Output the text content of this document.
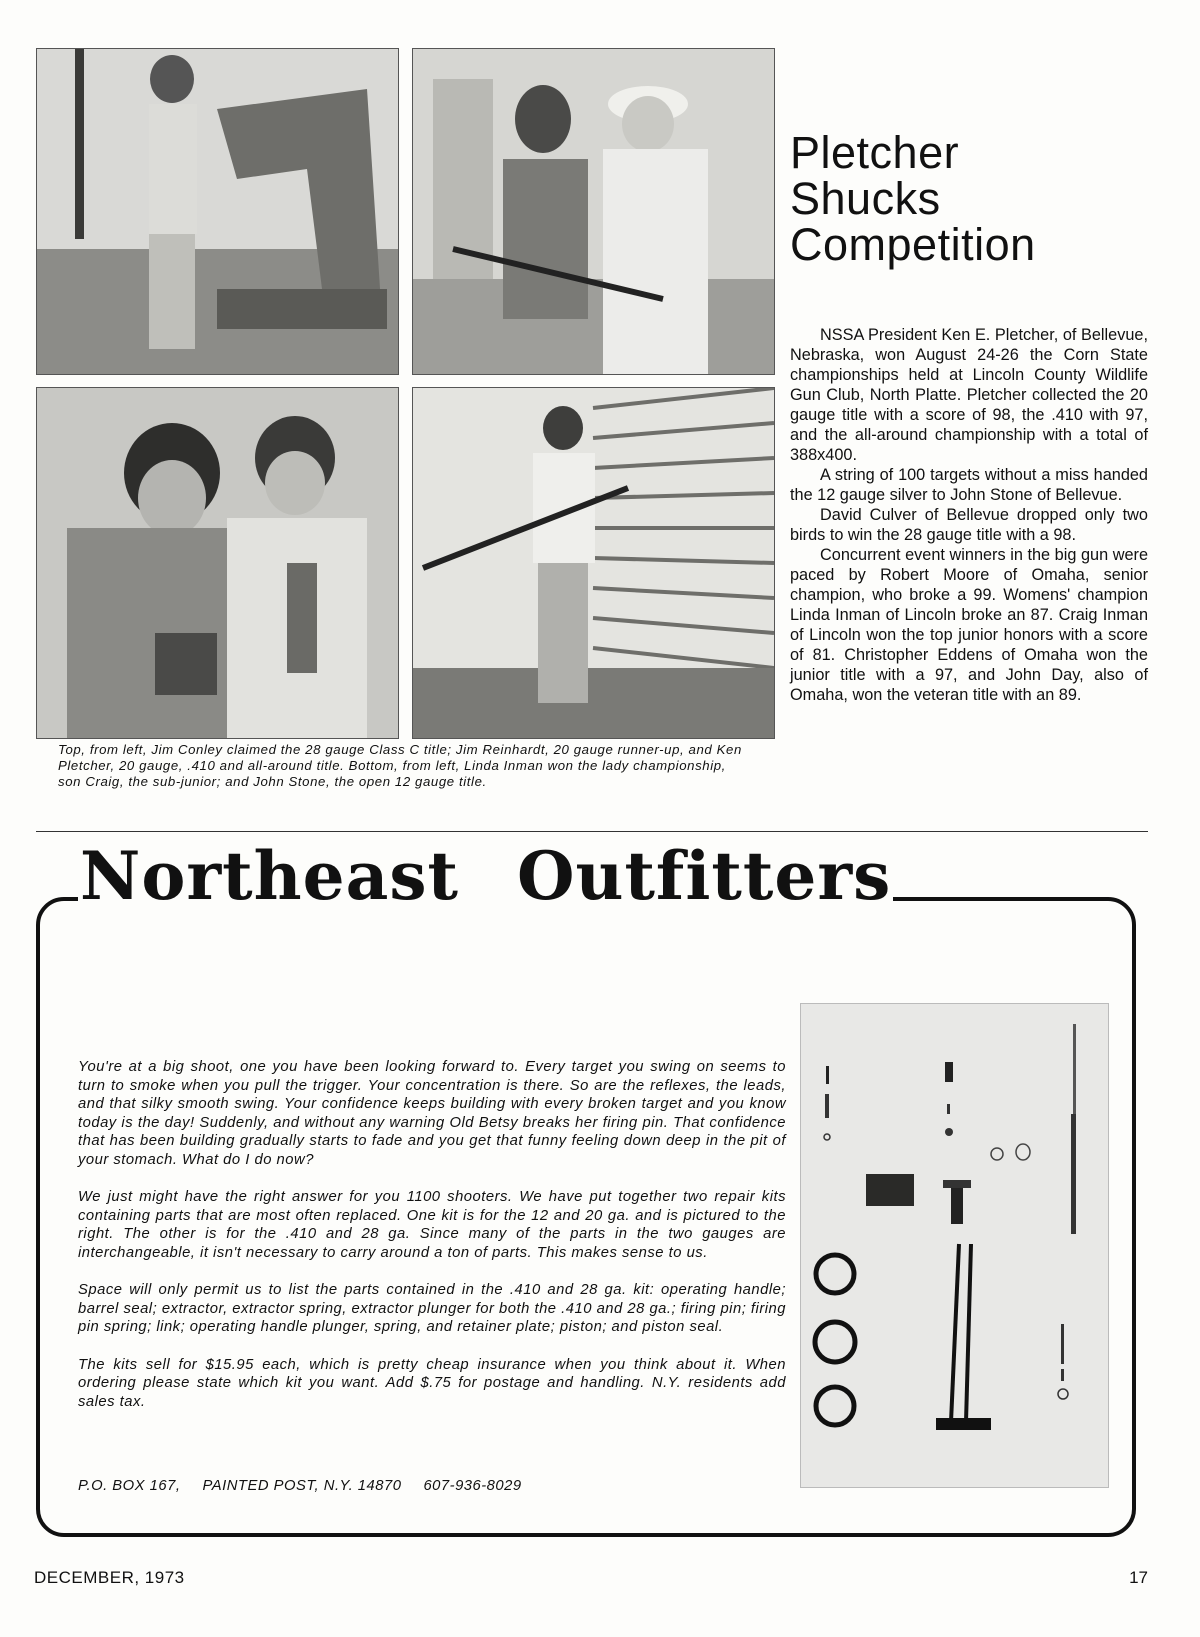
Top, from left, Jim Conley claimed the 28 gauge Class C title; Jim Reinhardt, 20 gauge runner-up, and Ken Pletcher, 20 gauge, .410 and all-around title. Bottom, from left, Linda Inman won the lady championship, son Craig, the sub-junior; and John Stone, the open 12 gauge title.
Pletcher
Shucks
Competition

NSSA President Ken E. Pletcher, of Bellevue, Nebraska, won August 24-26 the Corn State championships held at Lincoln County Wildlife Gun Club, North Platte. Pletcher collected the 20 gauge title with a score of 98, the .410 with 97, and the all-around championship with a total of 388x400.

A string of 100 targets without a miss handed the 12 gauge silver to John Stone of Bellevue.

David Culver of Bellevue dropped only two birds to win the 28 gauge title with a 98.

Concurrent event winners in the big gun were paced by Robert Moore of Omaha, senior champion, who broke a 99. Womens' champion Linda Inman of Lincoln broke an 87. Craig Inman of Lincoln won the top junior honors with a score of 81. Christopher Eddens of Omaha won the junior title with a 97, and John Day, also of Omaha, won the veteran title with an 89.

Northeast Outfitters

You're at a big shoot, one you have been looking forward to. Every target you swing on seems to turn to smoke when you pull the trigger. Your concentration is there. So are the reflexes, the leads, and that silky smooth swing. Your confidence keeps building with every broken target and you know today is the day! Suddenly, and without any warning Old Betsy breaks her firing pin. That confidence that has been building gradually starts to fade and you get that funny feeling down deep in the pit of your stomach. What do I do now?

We just might have the right answer for you 1100 shooters. We have put together two repair kits containing parts that are most often replaced. One kit is for the 12 and 20 ga. and is pictured to the right. The other is for the .410 and 28 ga. Since many of the parts in the two gauges are interchangeable, it isn't necessary to carry around a ton of parts. This makes sense to us.

Space will only permit us to list the parts contained in the .410 and 28 ga. kit: operating handle; barrel seal; extractor, extractor spring, extractor plunger for both the .410 and 28 ga.; firing pin; firing pin spring; link; operating handle plunger, spring, and retainer plate; piston; and piston seal.

The kits sell for $15.95 each, which is pretty cheap insurance when you think about it. When ordering please state which kit you want. Add $.75 for postage and handling. N.Y. residents add sales tax.

P.O. BOX 167, PAINTED POST, N.Y. 14870 607-936-8029
DECEMBER, 1973	17
